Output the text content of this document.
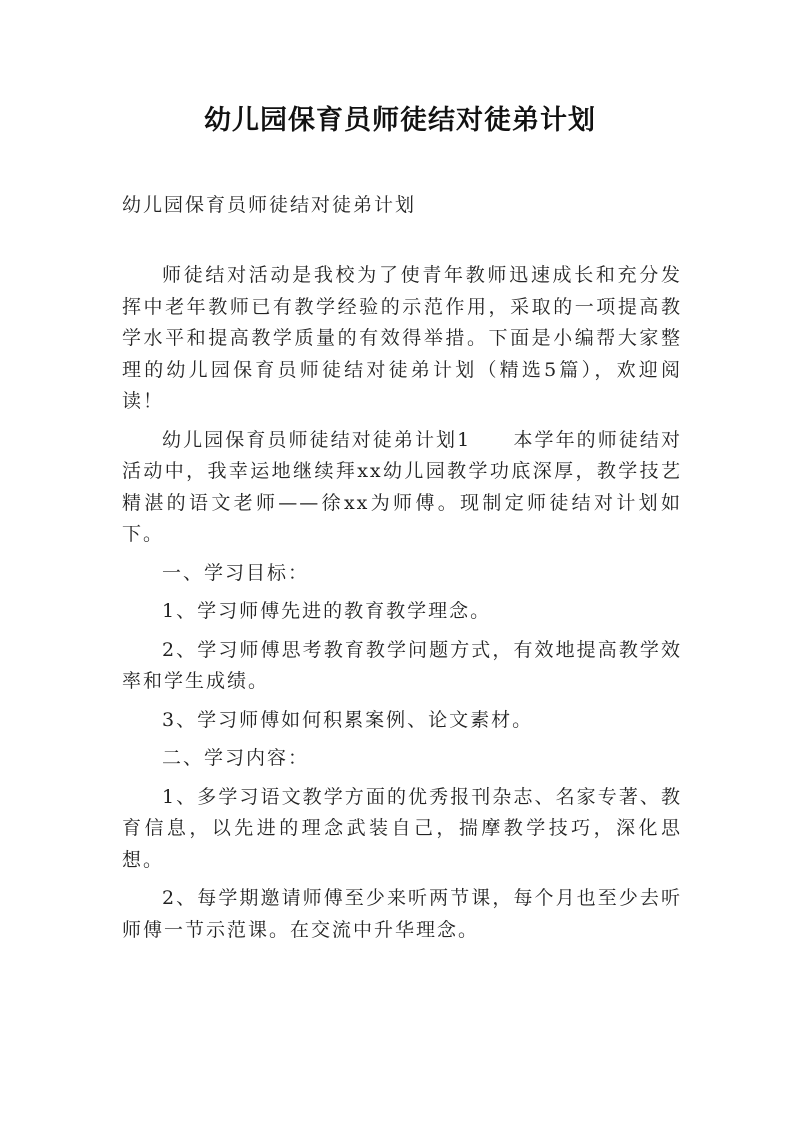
幼儿园保育员师徒结对徒弟计划

幼儿园保育员师徒结对徒弟计划

师徒结对活动是我校为了使青年教师迅速成长和充分发挥中老年教师已有教学经验的示范作用，采取的一项提高教学水平和提高教学质量的有效得举措。下面是小编帮大家整理的幼儿园保育员师徒结对徒弟计划（精选5篇），欢迎阅读！

幼儿园保育员师徒结对徒弟计划1　　本学年的师徒结对活动中，我幸运地继续拜xx幼儿园教学功底深厚，教学技艺精湛的语文老师——徐xx为师傅。现制定师徒结对计划如下。

一、学习目标：

1、学习师傅先进的教育教学理念。

2、学习师傅思考教育教学问题方式，有效地提高教学效率和学生成绩。

3、学习师傅如何积累案例、论文素材。

二、学习内容：

1、多学习语文教学方面的优秀报刊杂志、名家专著、教育信息，以先进的理念武装自己，揣摩教学技巧，深化思想。

2、每学期邀请师傅至少来听两节课，每个月也至少去听师傅一节示范课。在交流中升华理念。
